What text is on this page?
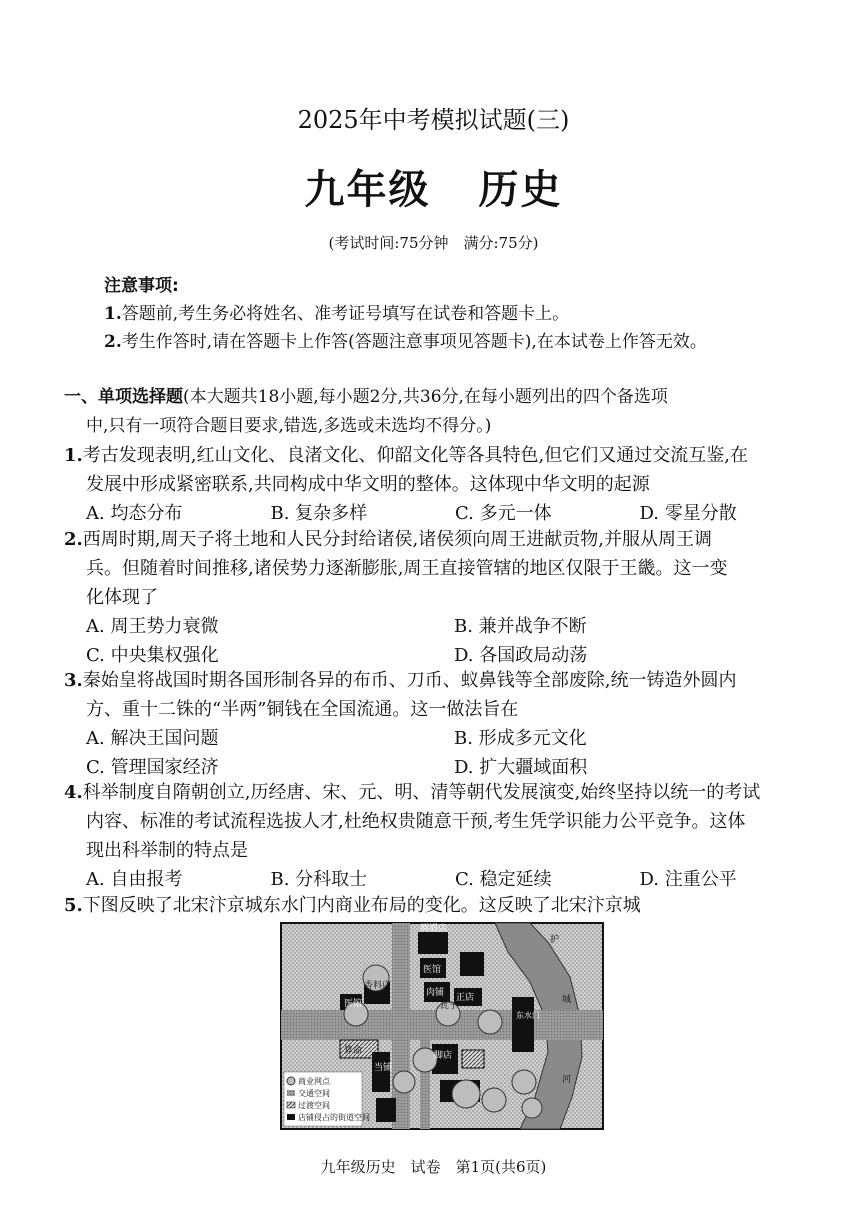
2025年中考模拟试题(三)
九年级 历史
(考试时间:75分钟　满分:75分)
注意事项:
1.答题前,考生务必将姓名、准考证号填写在试卷和答题卡上。
2.考生作答时,请在答题卡上作答(答题注意事项见答题卡),在本试卷上作答无效。
一、单项选择题(本大题共18小题,每小题2分,共36分,在每小题列出的四个备选项
中,只有一项符合题目要求,错选,多选或未选均不得分。)
1.考古发现表明,红山文化、良渚文化、仰韶文化等各具特色,但它们又通过交流互鉴,在
发展中形成紧密联系,共同构成中华文明的整体。这体现中华文明的起源
A. 均态分布	B. 复杂多样	C. 多元一体	D. 零星分散
2.西周时期,周天子将土地和人民分封给诸侯,诸侯须向周王进献贡物,并服从周王调
兵。但随着时间推移,诸侯势力逐渐膨胀,周王直接管辖的地区仅限于王畿。这一变
化体现了
A. 周王势力衰微	B. 兼并战争不断
C. 中央集权强化	D. 各国政局动荡
3.秦始皇将战国时期各国形制各异的布币、刀币、蚁鼻钱等全部废除,统一铸造外圆内
方、重十二铢的“半两”铜钱在全国流通。这一做法旨在
A. 解决王国问题	B. 形成多元文化
C. 管理国家经济	D. 扩大疆域面积
4.科举制度自隋朝创立,历经唐、宋、元、明、清等朝代发展演变,始终坚持以统一的考试
内容、标准的考试流程选拔人才,杜绝权贵随意干预,考生凭学识能力公平竞争。这体
现出科举制的特点是
A. 自由报考	B. 分科取士	C. 稳定延续	D. 注重公平
5.下图反映了北宋汴京城东水门内商业布局的变化。这反映了北宋汴京城
绸缎店
医馆
香料店
医馆
肉铺 正店
瓦子
算命
当铺
脚店
东水门
护
城
河
商业网点
交通空间
过渡空间
店铺侵占的街道空间
九年级历史　试卷　第1页(共6页)
